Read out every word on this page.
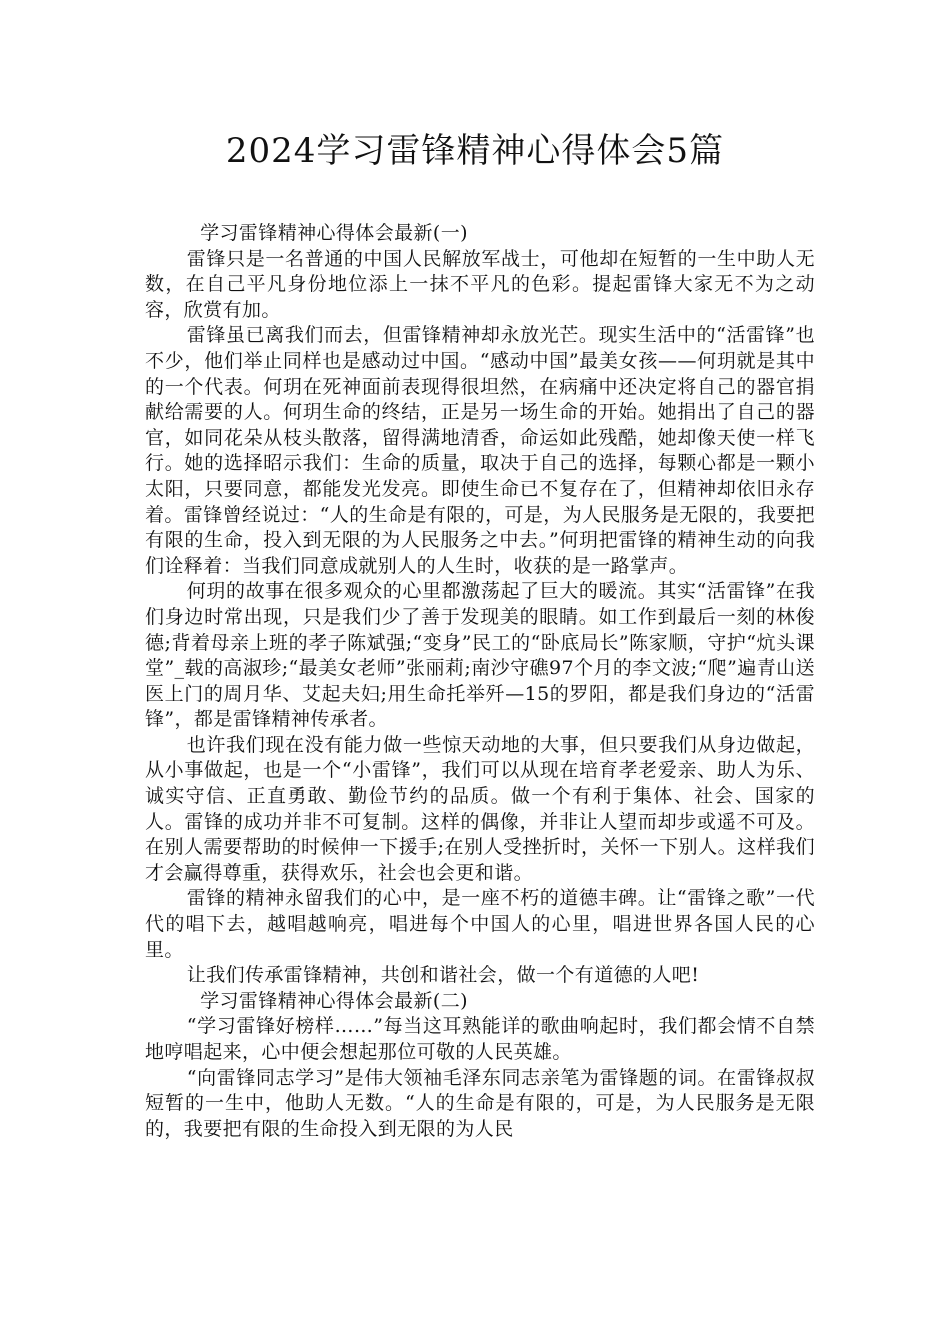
2024学习雷锋精神心得体会5篇

学习雷锋精神心得体会最新(一)

雷锋只是一名普通的中国人民解放军战士，可他却在短暂的一生中助人无数，在自己平凡身份地位添上一抹不平凡的色彩。提起雷锋大家无不为之动容，欣赏有加。

雷锋虽已离我们而去，但雷锋精神却永放光芒。现实生活中的“活雷锋”也不少，他们举止同样也是感动过中国。“感动中国”最美女孩——何玥就是其中的一个代表。何玥在死神面前表现得很坦然，在病痛中还决定将自己的器官捐献给需要的人。何玥生命的终结，正是另一场生命的开始。她捐出了自己的器官，如同花朵从枝头散落，留得满地清香，命运如此残酷，她却像天使一样飞行。她的选择昭示我们：生命的质量，取决于自己的选择，每颗心都是一颗小太阳，只要同意，都能发光发亮。即使生命已不复存在了，但精神却依旧永存着。雷锋曾经说过：“人的生命是有限的，可是，为人民服务是无限的，我要把有限的生命，投入到无限的为人民服务之中去。”何玥把雷锋的精神生动的向我们诠释着：当我们同意成就别人的人生时，收获的是一路掌声。

何玥的故事在很多观众的心里都激荡起了巨大的暖流。其实“活雷锋”在我们身边时常出现，只是我们少了善于发现美的眼睛。如工作到最后一刻的林俊德;背着母亲上班的孝子陈斌强;“变身”民工的“卧底局长”陈家顺，守护“炕头课堂”_载的高淑珍;“最美女老师”张丽莉;南沙守礁97个月的李文波;“爬”遍青山送医上门的周月华、艾起夫妇;用生命托举歼—15的罗阳，都是我们身边的“活雷锋”，都是雷锋精神传承者。

也许我们现在没有能力做一些惊天动地的大事，但只要我们从身边做起，从小事做起，也是一个“小雷锋”，我们可以从现在培育孝老爱亲、助人为乐、诚实守信、正直勇敢、勤俭节约的品质。做一个有利于集体、社会、国家的人。雷锋的成功并非不可复制。这样的偶像，并非让人望而却步或遥不可及。在别人需要帮助的时候伸一下援手;在别人受挫折时，关怀一下别人。这样我们才会赢得尊重，获得欢乐，社会也会更和谐。

雷锋的精神永留我们的心中，是一座不朽的道德丰碑。让“雷锋之歌”一代代的唱下去，越唱越响亮，唱进每个中国人的心里，唱进世界各国人民的心里。

让我们传承雷锋精神，共创和谐社会，做一个有道德的人吧!

学习雷锋精神心得体会最新(二)

“学习雷锋好榜样……”每当这耳熟能详的歌曲响起时，我们都会情不自禁地哼唱起来，心中便会想起那位可敬的人民英雄。

“向雷锋同志学习”是伟大领袖毛泽东同志亲笔为雷锋题的词。在雷锋叔叔短暂的一生中，他助人无数。“人的生命是有限的，可是，为人民服务是无限的，我要把有限的生命投入到无限的为人民
